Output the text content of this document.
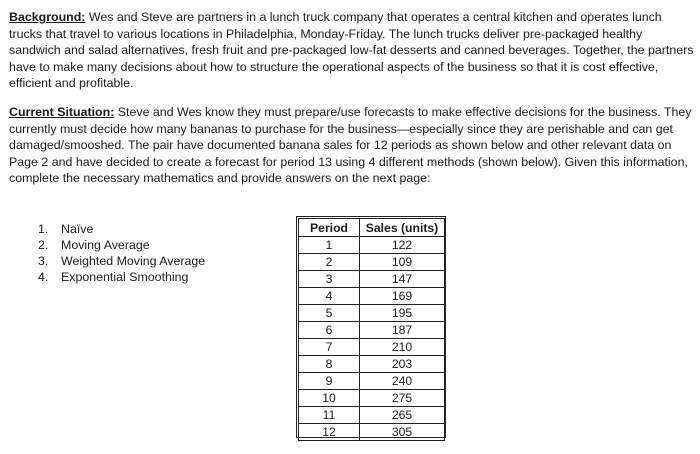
Background: Wes and Steve are partners in a lunch truck company that operates a central kitchen and operates lunch trucks that travel to various locations in Philadelphia, Monday-Friday. The lunch trucks deliver pre-packaged healthy sandwich and salad alternatives, fresh fruit and pre-packaged low-fat desserts and canned beverages. Together, the partners have to make many decisions about how to structure the operational aspects of the business so that it is cost effective, efficient and profitable.

Current Situation: Steve and Wes know they must prepare/use forecasts to make effective decisions for the business. They currently must decide how many bananas to purchase for the business—especially since they are perishable and can get damaged/smooshed. The pair have documented banana sales for 12 periods as shown below and other relevant data on Page 2 and have decided to create a forecast for period 13 using 4 different methods (shown below). Given this information, complete the necessary mathematics and provide answers on the next page:

1. Naïve
2. Moving Average
3. Weighted Moving Average
4. Exponential Smoothing
Period	Sales (units)
1	122
2	109
3	147
4	169
5	195
6	187
7	210
8	203
9	240
10	275
11	265
12	305
